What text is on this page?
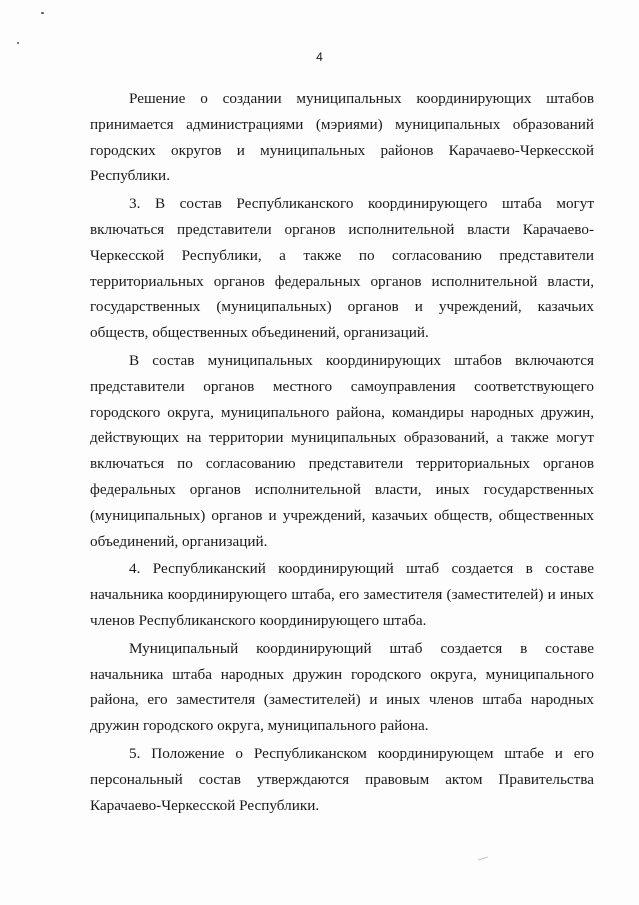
4

Решение о создании муниципальных координирующих штабов принимается администрациями (мэриями) муниципальных образований городских округов и муниципальных районов Карачаево-Черкесской Республики.

3. В состав Республиканского координирующего штаба могут включаться представители органов исполнительной власти Карачаево-Черкесской Республики, а также по согласованию представители территориальных органов федеральных органов исполнительной власти, государственных (муниципальных) органов и учреждений, казачьих обществ, общественных объединений, организаций.

В состав муниципальных координирующих штабов включаются представители органов местного самоуправления соответствующего городского округа, муниципального района, командиры народных дружин, действующих на территории муниципальных образований, а также могут включаться по согласованию представители территориальных органов федеральных органов исполнительной власти, иных государственных (муниципальных) органов и учреждений, казачьих обществ, общественных объединений, организаций.

4. Республиканский координирующий штаб создается в составе начальника координирующего штаба, его заместителя (заместителей) и иных членов Республиканского координирующего штаба.

Муниципальный координирующий штаб создается в составе начальника штаба народных дружин городского округа, муниципального района, его заместителя (заместителей) и иных членов штаба народных дружин городского округа, муниципального района.

5. Положение о Республиканском координирующем штабе и его персональный состав утверждаются правовым актом Правительства Карачаево-Черкесской Республики.
